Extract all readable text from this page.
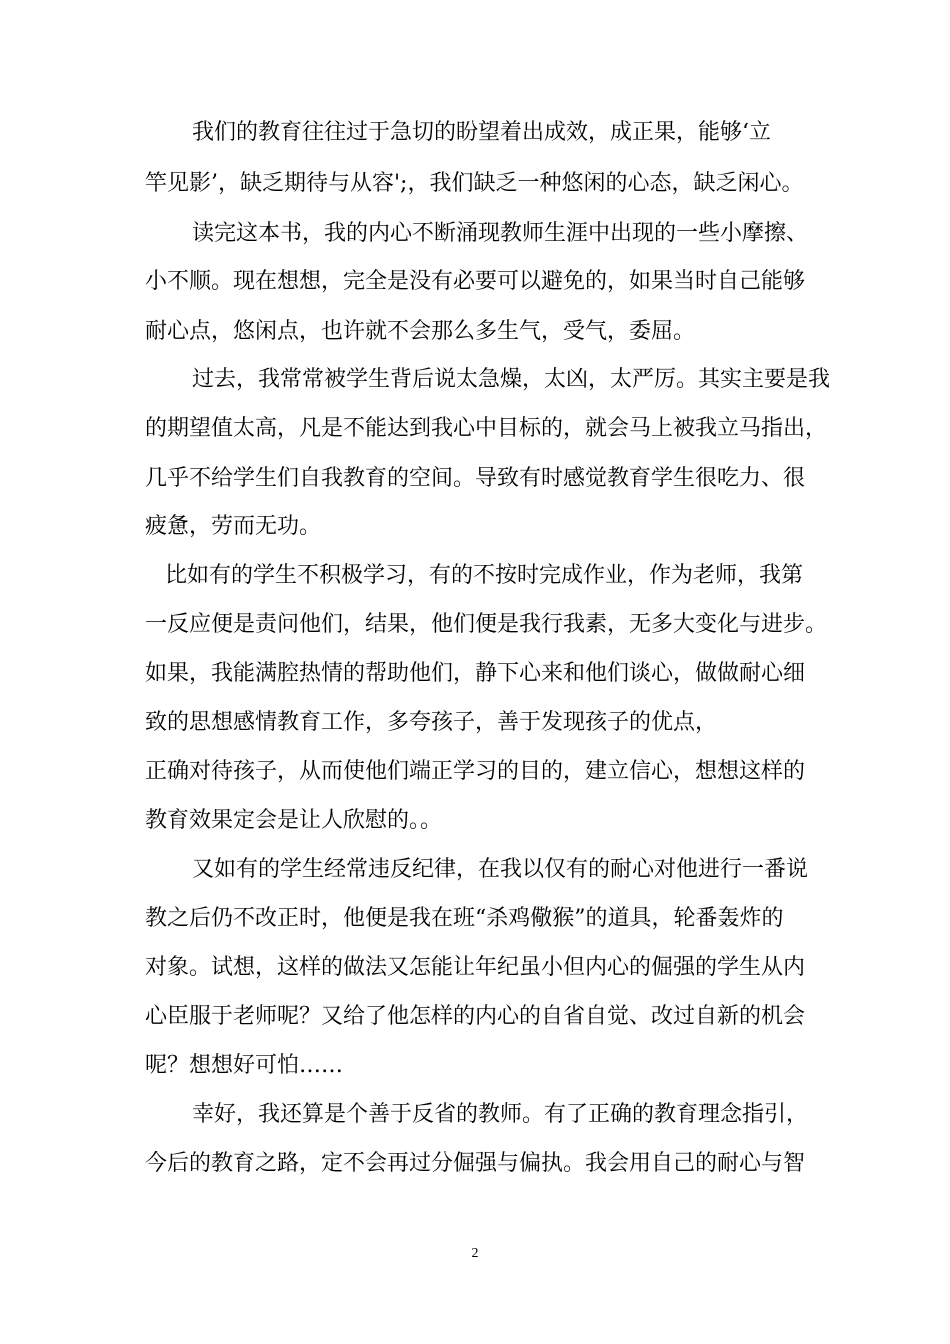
我们的教育往往过于急切的盼望着出成效，成正果，能够‘立
竿见影’，缺乏期待与从容';，我们缺乏一种悠闲的心态，缺乏闲心。
读完这本书，我的内心不断涌现教师生涯中出现的一些小摩擦、
小不顺。现在想想，完全是没有必要可以避免的，如果当时自己能够
耐心点，悠闲点，也许就不会那么多生气，受气，委屈。
过去，我常常被学生背后说太急燥，太凶，太严厉。其实主要是我
的期望值太高，凡是不能达到我心中目标的，就会马上被我立马指出，
几乎不给学生们自我教育的空间。导致有时感觉教育学生很吃力、很
疲惫，劳而无功。
比如有的学生不积极学习，有的不按时完成作业，作为老师，我第
一反应便是责问他们，结果，他们便是我行我素，无多大变化与进步。
如果，我能满腔热情的帮助他们，静下心来和他们谈心，做做耐心细
致的思想感情教育工作，多夸孩子，善于发现孩子的优点，
正确对待孩子，从而使他们端正学习的目的，建立信心，想想这样的
教育效果定会是让人欣慰的。。
又如有的学生经常违反纪律，在我以仅有的耐心对他进行一番说
教之后仍不改正时，他便是我在班“杀鸡儆猴”的道具，轮番轰炸的
对象。试想，这样的做法又怎能让年纪虽小但内心的倔强的学生从内
心臣服于老师呢？又给了他怎样的内心的自省自觉、改过自新的机会
呢？想想好可怕……
幸好，我还算是个善于反省的教师。有了正确的教育理念指引，
今后的教育之路，定不会再过分倔强与偏执。我会用自己的耐心与智
2
